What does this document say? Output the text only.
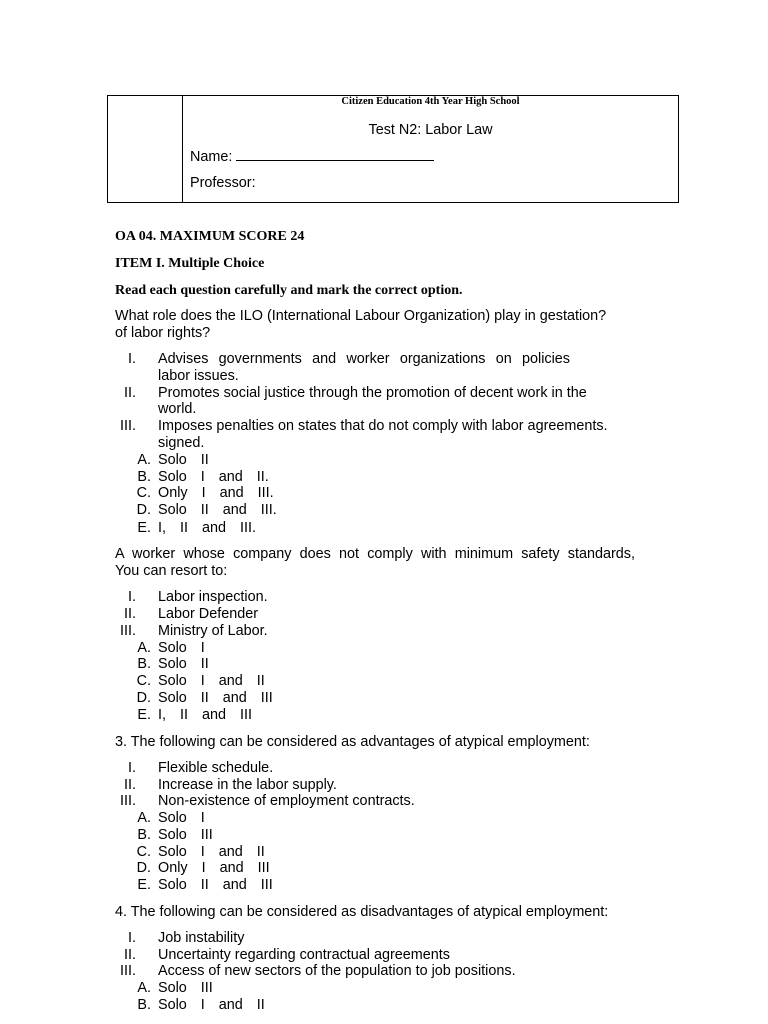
Citizen Education 4th Year High School
Test N2: Labor Law
Name:
Professor:
OA 04. MAXIMUM SCORE 24
ITEM I. Multiple Choice
Read each question carefully and mark the correct option.
What role does the ILO (International Labour Organization) play in gestation?
of labor rights?
I. Advises governments and worker organizations on policies
labor issues.
II. Promotes social justice through the promotion of decent work in the
world.
III. Imposes penalties on states that do not comply with labor agreements.
signed.
A. Solo  II
B. Solo  I  and  II.
C. Only  I  and  III.
D. Solo  II  and  III.
E. I,  II  and  III.
A worker whose company does not comply with minimum safety standards,
You can resort to:
I. Labor inspection.
II. Labor Defender
III. Ministry of Labor.
A. Solo  I
B. Solo  II
C. Solo  I  and  II
D. Solo  II  and  III
E. I,  II  and  III
3. The following can be considered as advantages of atypical employment:
I. Flexible schedule.
II. Increase in the labor supply.
III. Non-existence of employment contracts.
A. Solo  I
B. Solo  III
C. Solo  I  and  II
D. Only  I  and  III
E. Solo  II  and  III
4. The following can be considered as disadvantages of atypical employment:
I. Job instability
II. Uncertainty regarding contractual agreements
III. Access of new sectors of the population to job positions.
A. Solo  III
B. Solo  I  and  II
